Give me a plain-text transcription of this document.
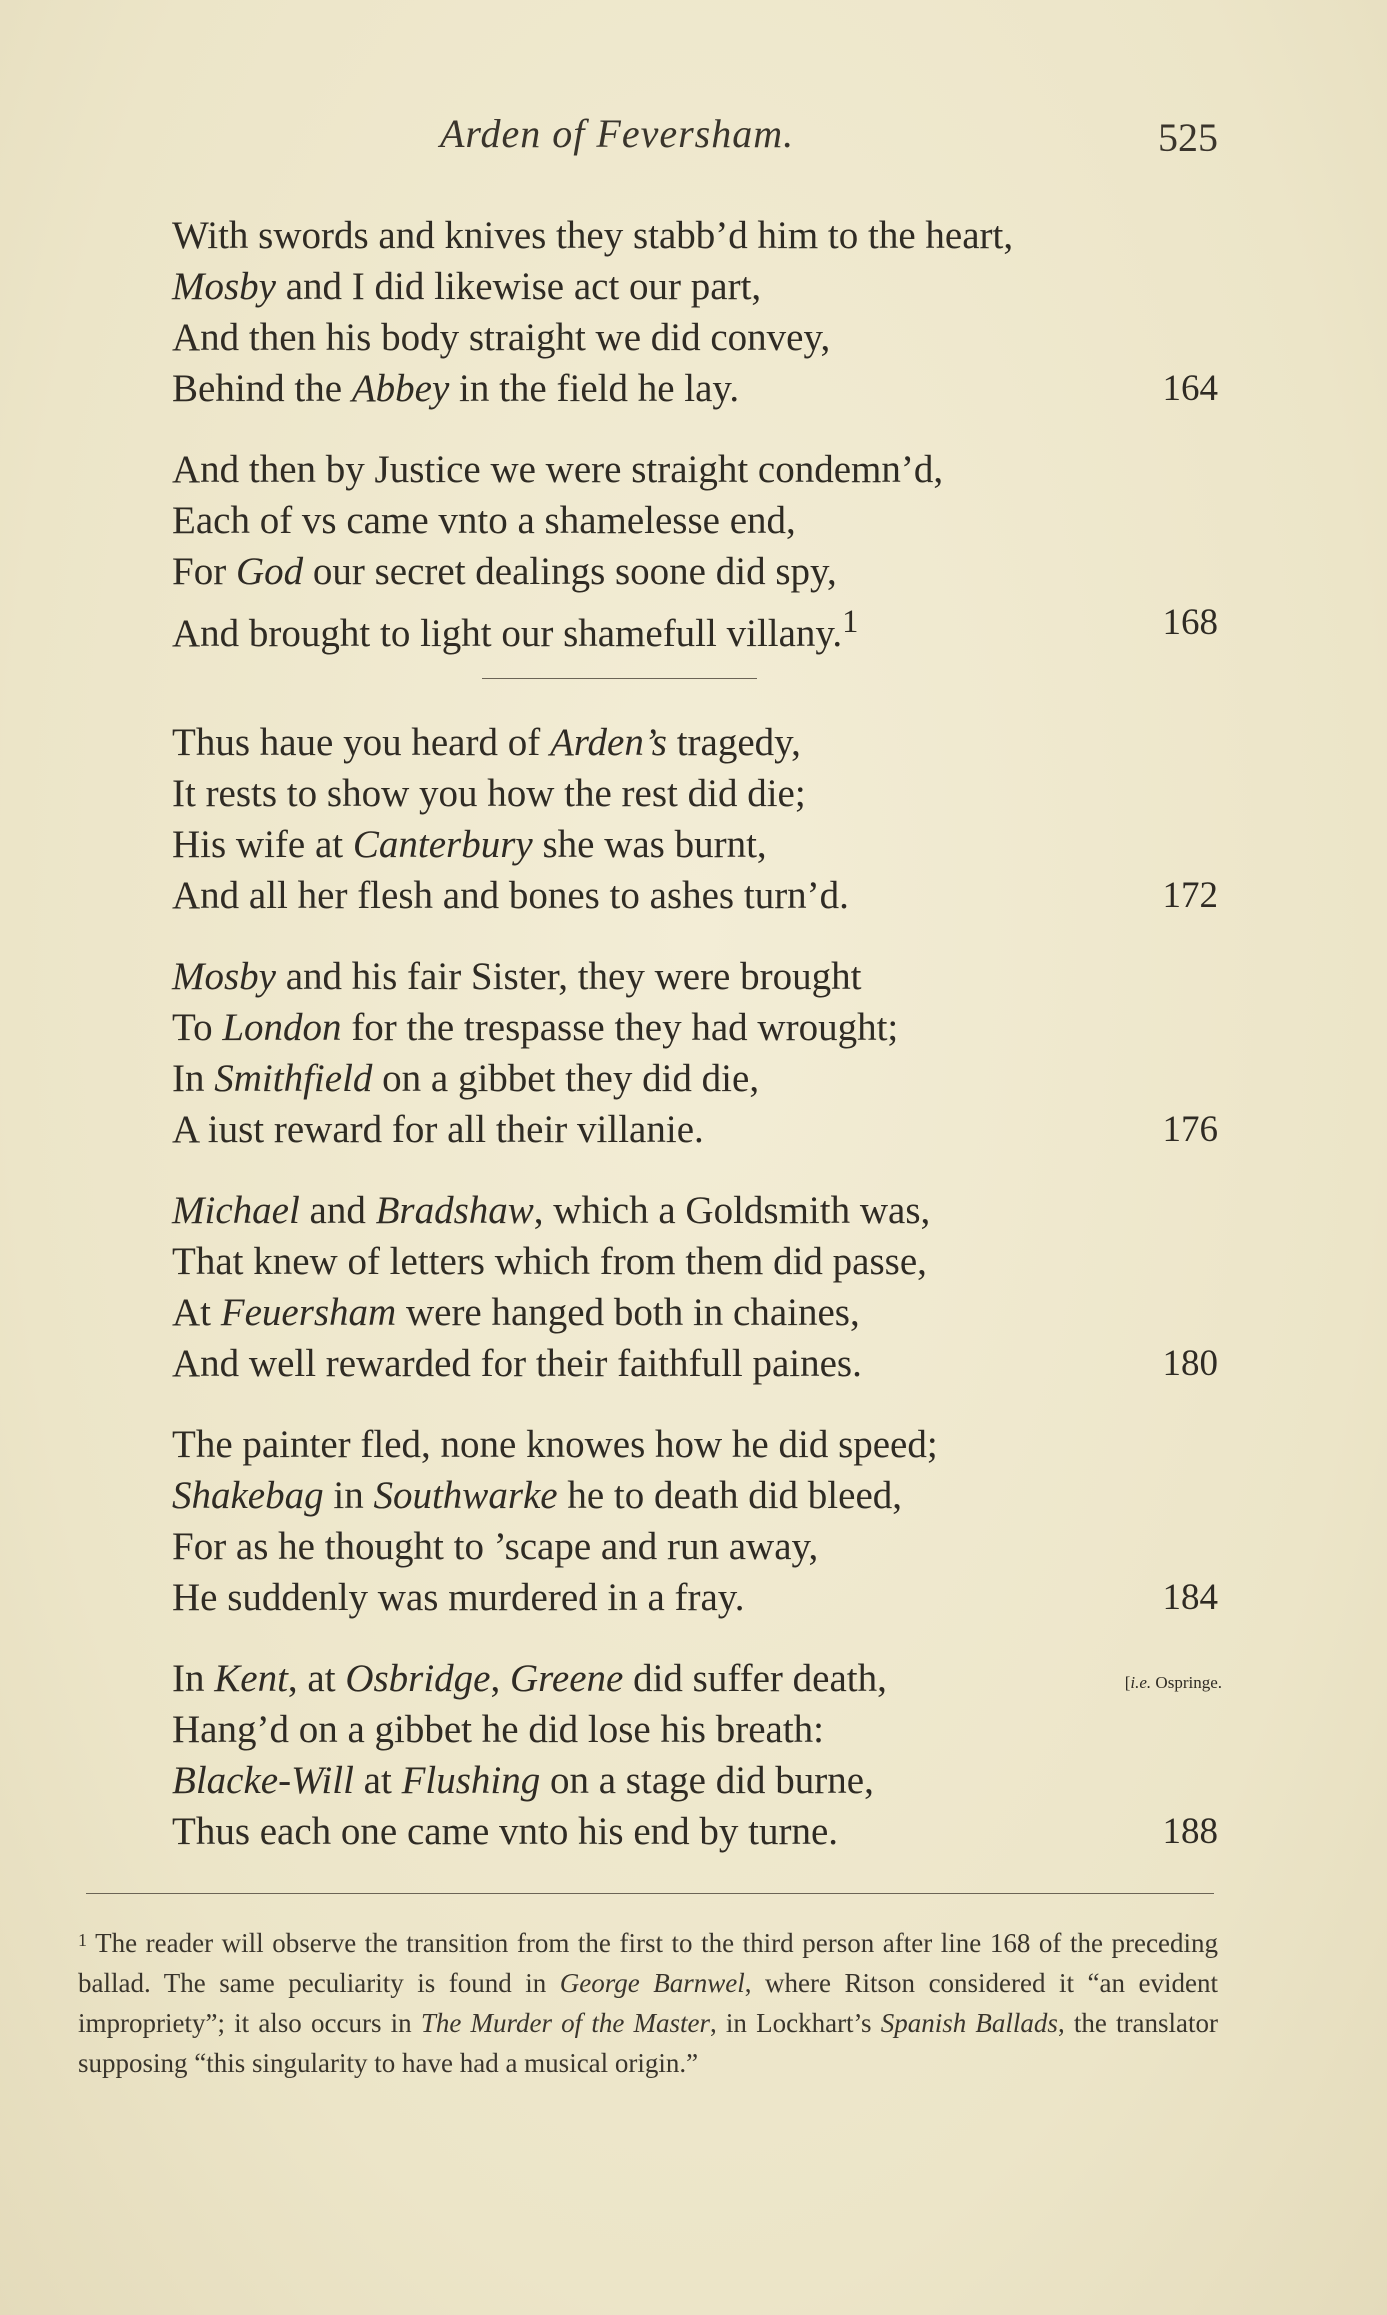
Arden of Feversham.	525
With swords and knives they stabb’d him to the heart,
Mosby and I did likewise act our part,
And then his body straight we did convey,
Behind the Abbey in the field he lay.	164
And then by Justice we were straight condemn’d,
Each of vs came vnto a shamelesse end,
For God our secret dealings soone did spy,
And brought to light our shamefull villany.$^1$	168
Thus haue you heard of Arden’s tragedy,
It rests to show you how the rest did die;
His wife at Canterbury she was burnt,
And all her flesh and bones to ashes turn’d.	172
Mosby and his fair Sister, they were brought
To London for the trespasse they had wrought;
In Smithfield on a gibbet they did die,
A iust reward for all their villanie.	176
Michael and Bradshaw, which a Goldsmith was,
That knew of letters which from them did passe,
At Feuersham were hanged both in chaines,
And well rewarded for their faithfull paines.	180
The painter fled, none knowes how he did speed;
Shakebag in Southwarke he to death did bleed,
For as he thought to ’scape and run away,
He suddenly was murdered in a fray.	184
In Kent, at Osbridge, Greene did suffer death,	[i.e. Ospringe.
Hang’d on a gibbet he did lose his breath:
Blacke-Will at Flushing on a stage did burne,
Thus each one came vnto his end by turne.	188
$^1$ The reader will observe the transition from the first to the third person after line 168 of the preceding ballad. The same peculiarity is found in George Barnwel, where Ritson considered it “an evident impropriety”; it also occurs in The Murder of the Master, in Lockhart’s Spanish Ballads, the translator supposing “this singularity to have had a musical origin.”
